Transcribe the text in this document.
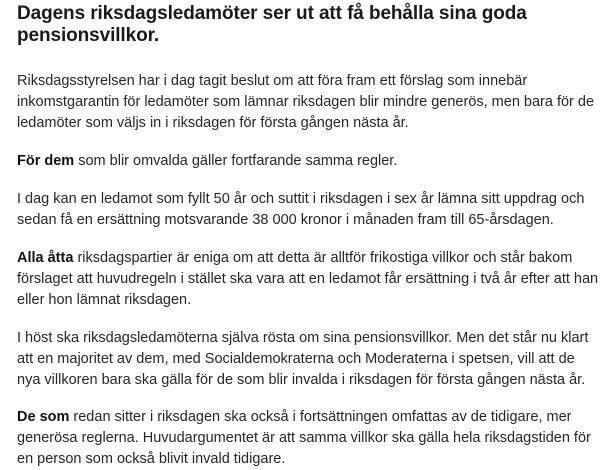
Dagens riksdagsledamöter ser ut att få behålla sina goda pensionsvillkor.

Riksdagsstyrelsen har i dag tagit beslut om att föra fram ett förslag som innebär inkomstgarantin för ledamöter som lämnar riksdagen blir mindre generös, men bara för de ledamöter som väljs in i riksdagen för första gången nästa år.

För dem som blir omvalda gäller fortfarande samma regler.

I dag kan en ledamot som fyllt 50 år och suttit i riksdagen i sex år lämna sitt uppdrag och sedan få en ersättning motsvarande 38 000 kronor i månaden fram till 65-årsdagen.

Alla åtta riksdagspartier är eniga om att detta är alltför frikostiga villkor och står bakom förslaget att huvudregeln i stället ska vara att en ledamot får ersättning i två år efter att han eller hon lämnat riksdagen.

I höst ska riksdagsledamöterna själva rösta om sina pensionsvillkor. Men det står nu klart att en majoritet av dem, med Socialdemokraterna och Moderaterna i spetsen, vill att de nya villkoren bara ska gälla för de som blir invalda i riksdagen för första gången nästa år.

De som redan sitter i riksdagen ska också i fortsättningen omfattas av de tidigare, mer generösa reglerna. Huvudargumentet är att samma villkor ska gälla hela riksdagstiden för en person som också blivit invald tidigare.
